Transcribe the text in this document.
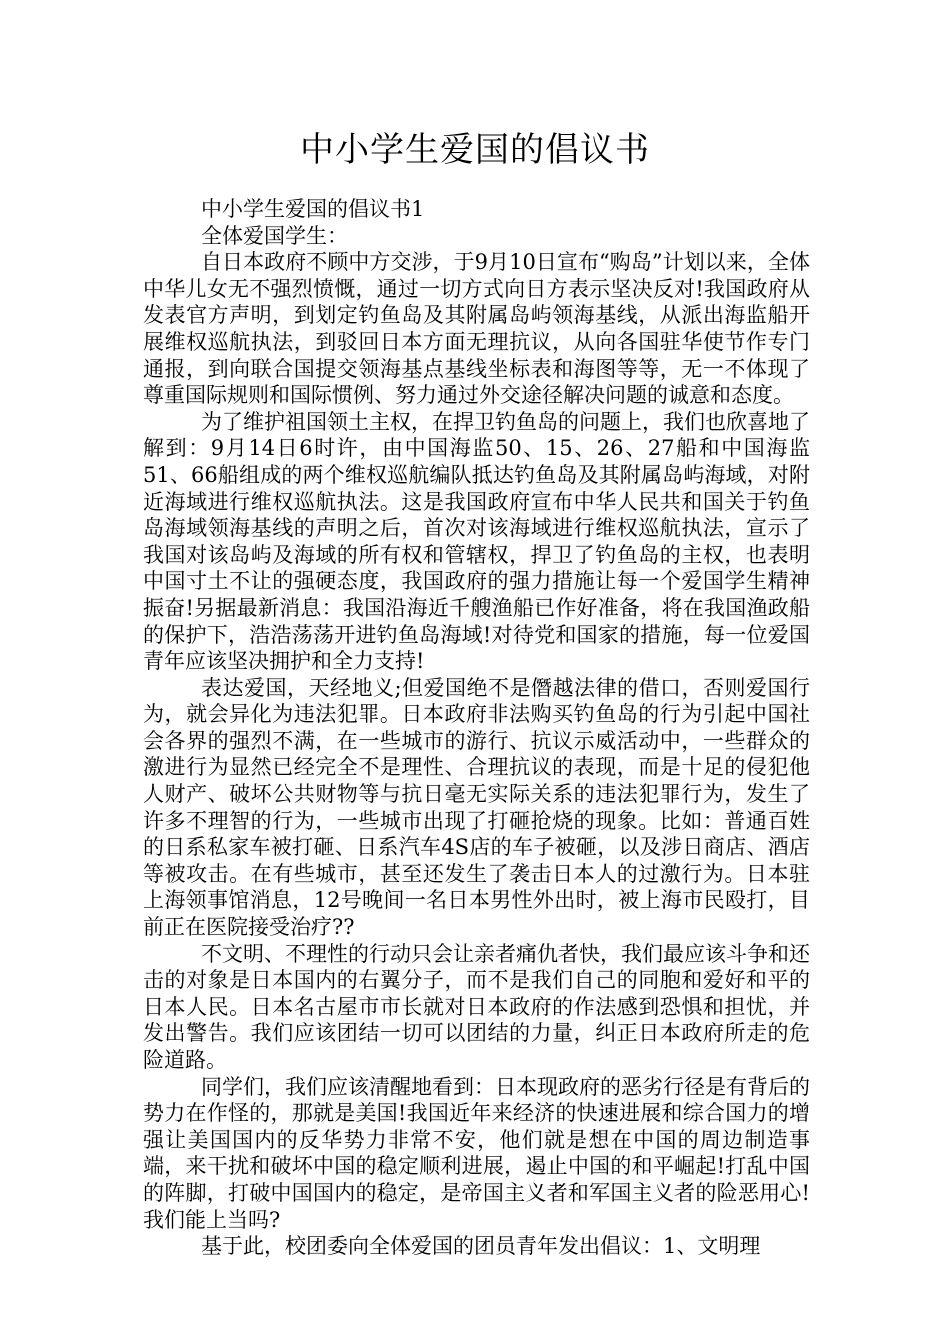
中小学生爱国的倡议书

中小学生爱国的倡议书1

全体爱国学生：

自日本政府不顾中方交涉，于9月10日宣布“购岛”计划以来，全体中华儿女无不强烈愤慨，通过一切方式向日方表示坚决反对!我国政府从发表官方声明，到划定钓鱼岛及其附属岛屿领海基线，从派出海监船开展维权巡航执法，到驳回日本方面无理抗议，从向各国驻华使节作专门通报，到向联合国提交领海基点基线坐标表和海图等等，无一不体现了尊重国际规则和国际惯例、努力通过外交途径解决问题的诚意和态度。

为了维护祖国领土主权，在捍卫钓鱼岛的问题上，我们也欣喜地了解到：9月14日6时许，由中国海监50、15、26、27船和中国海监51、66船组成的两个维权巡航编队抵达钓鱼岛及其附属岛屿海域，对附近海域进行维权巡航执法。这是我国政府宣布中华人民共和国关于钓鱼岛海域领海基线的声明之后，首次对该海域进行维权巡航执法，宣示了我国对该岛屿及海域的所有权和管辖权，捍卫了钓鱼岛的主权，也表明中国寸土不让的强硬态度，我国政府的强力措施让每一个爱国学生精神振奋!另据最新消息：我国沿海近千艘渔船已作好准备，将在我国渔政船的保护下，浩浩荡荡开进钓鱼岛海域!对待党和国家的措施，每一位爱国青年应该坚决拥护和全力支持!

表达爱国，天经地义;但爱国绝不是僭越法律的借口，否则爱国行为，就会异化为违法犯罪。日本政府非法购买钓鱼岛的行为引起中国社会各界的强烈不满，在一些城市的游行、抗议示威活动中，一些群众的激进行为显然已经完全不是理性、合理抗议的表现，而是十足的侵犯他人财产、破坏公共财物等与抗日毫无实际关系的违法犯罪行为，发生了许多不理智的行为，一些城市出现了打砸抢烧的现象。比如：普通百姓的日系私家车被打砸、日系汽车4S店的车子被砸，以及涉日商店、酒店等被攻击。在有些城市，甚至还发生了袭击日本人的过激行为。日本驻上海领事馆消息，12号晚间一名日本男性外出时，被上海市民殴打，目前正在医院接受治疗??

不文明、不理性的行动只会让亲者痛仇者快，我们最应该斗争和还击的对象是日本国内的右翼分子，而不是我们自己的同胞和爱好和平的日本人民。日本名古屋市市长就对日本政府的作法感到恐惧和担忧，并发出警告。我们应该团结一切可以团结的力量，纠正日本政府所走的危险道路。

同学们，我们应该清醒地看到：日本现政府的恶劣行径是有背后的势力在作怪的，那就是美国!我国近年来经济的快速进展和综合国力的增强让美国国内的反华势力非常不安，他们就是想在中国的周边制造事端，来干扰和破坏中国的稳定顺利进展，遏止中国的和平崛起!打乱中国的阵脚，打破中国国内的稳定，是帝国主义者和军国主义者的险恶用心!我们能上当吗?

基于此，校团委向全体爱国的团员青年发出倡议：1、文明理
